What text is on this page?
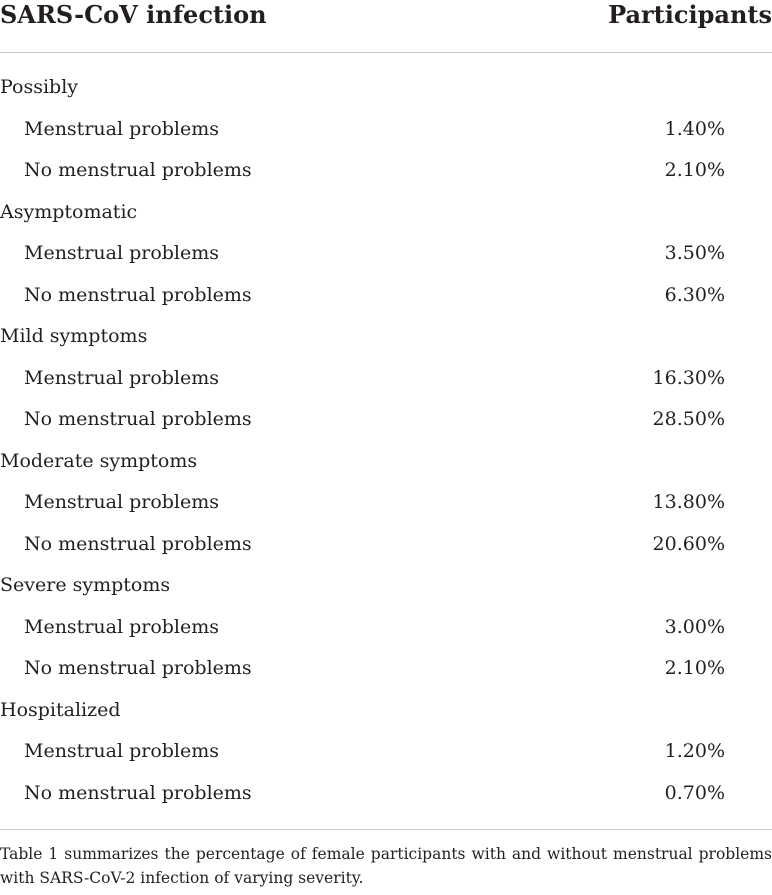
SARS-CoV infection	Participants
Possibly
Menstrual problems	1.40%
No menstrual problems	2.10%
Asymptomatic
Menstrual problems	3.50%
No menstrual problems	6.30%
Mild symptoms
Menstrual problems	16.30%
No menstrual problems	28.50%
Moderate symptoms
Menstrual problems	13.80%
No menstrual problems	20.60%
Severe symptoms
Menstrual problems	3.00%
No menstrual problems	2.10%
Hospitalized
Menstrual problems	1.20%
No menstrual problems	0.70%
Table 1 summarizes the percentage of female participants with and without menstrual problems with SARS-CoV-2 infection of varying severity.
